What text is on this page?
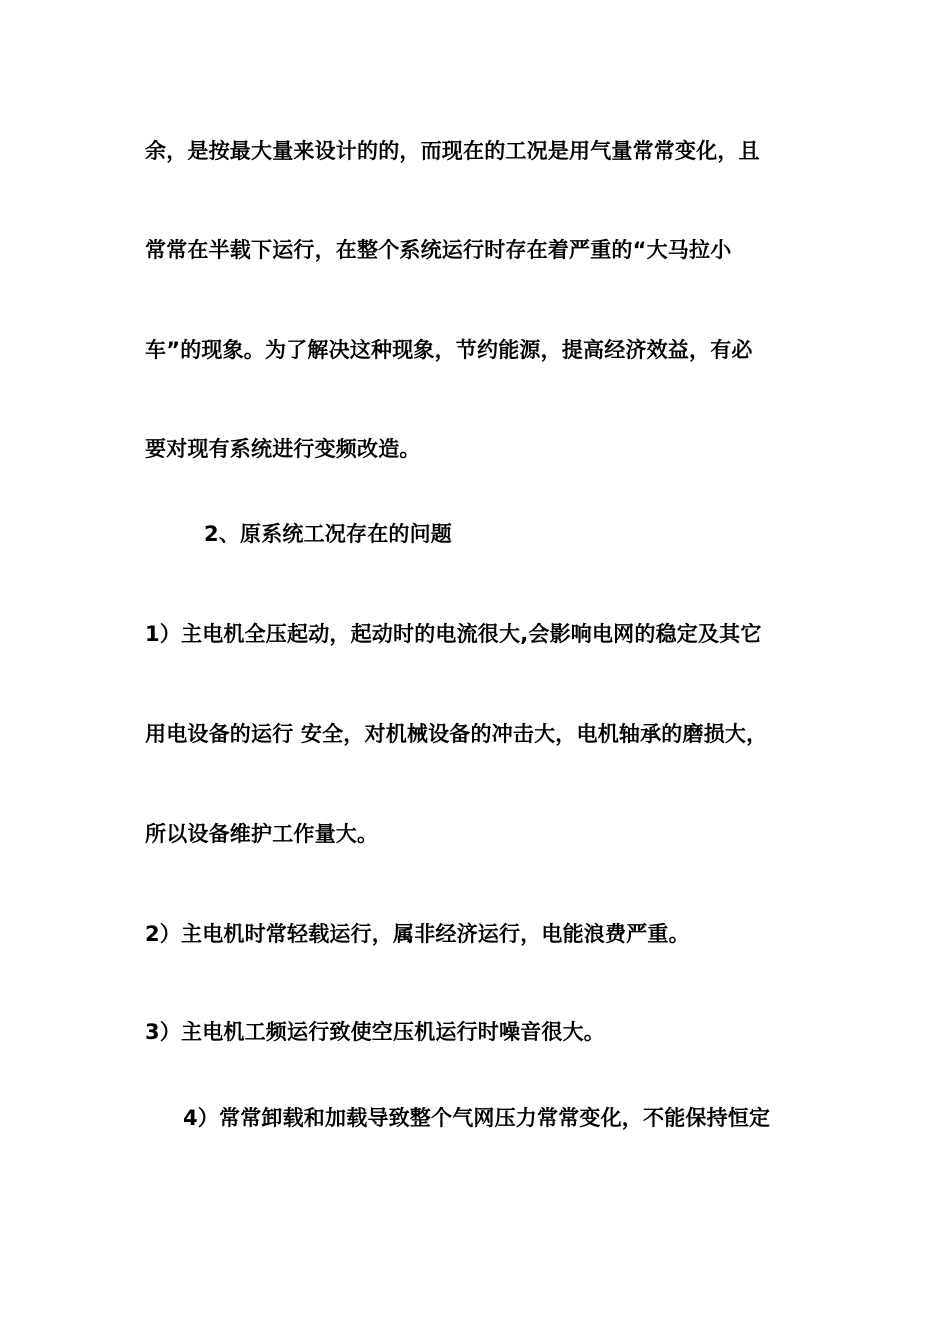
余，是按最大量来设计的的，而现在的工况是用气量常常变化，且
常常在半载下运行，在整个系统运行时存在着严重的“大马拉小
车”的现象。为了解决这种现象，节约能源，提高经济效益，有必
要对现有系统进行变频改造。
2、原系统工况存在的问题
1）主电机全压起动，起动时的电流很大,会影响电网的稳定及其它
用电设备的运行 安全，对机械设备的冲击大，电机轴承的磨损大，
所以设备维护工作量大。
2）主电机时常轻载运行，属非经济运行，电能浪费严重。
3）主电机工频运行致使空压机运行时噪音很大。
4）常常卸载和加载导致整个气网压力常常变化，不能保持恒定
